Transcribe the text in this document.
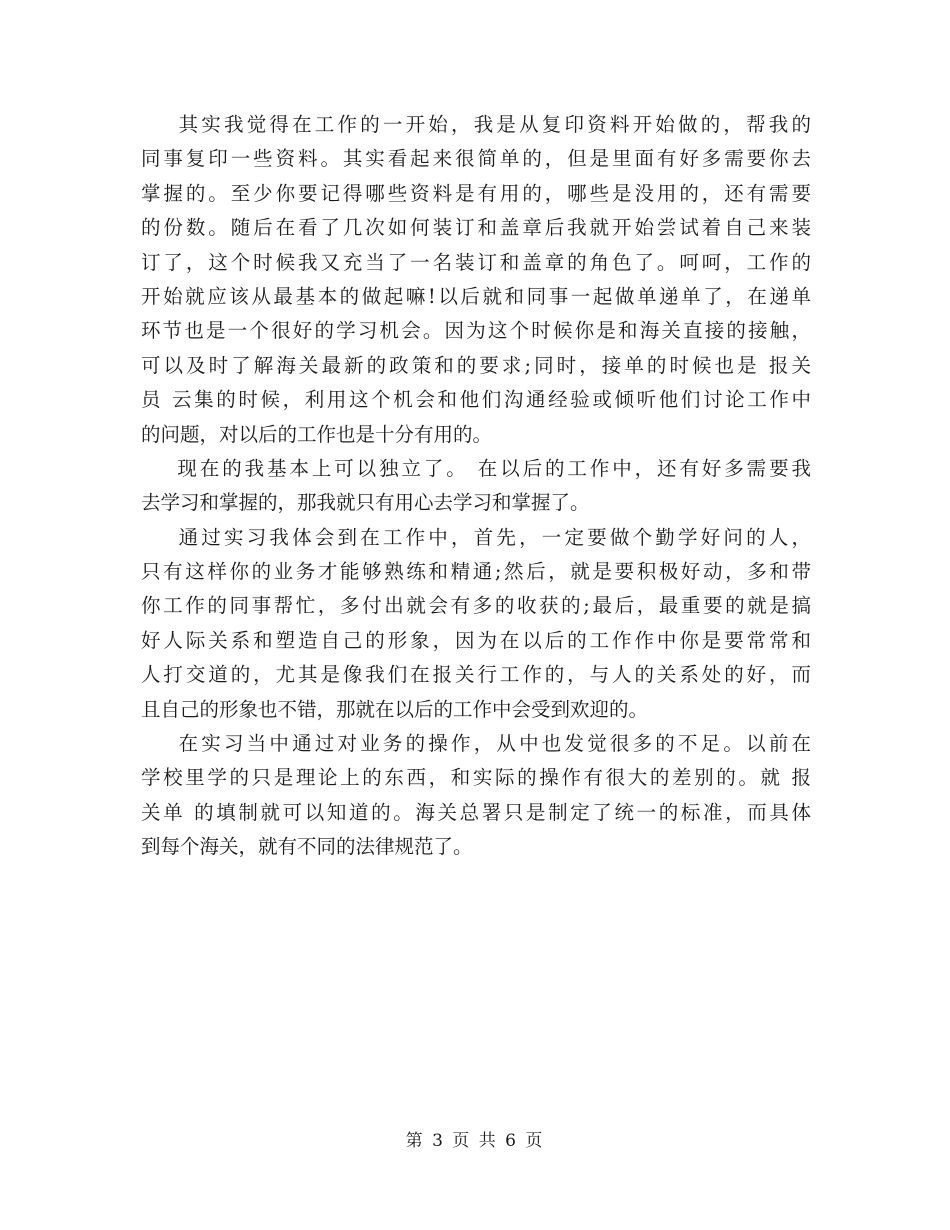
其实我觉得在工作的一开始，我是从复印资料开始做的，帮我的
同事复印一些资料。其实看起来很简单的，但是里面有好多需要你去
掌握的。至少你要记得哪些资料是有用的，哪些是没用的，还有需要
的份数。随后在看了几次如何装订和盖章后我就开始尝试着自己来装
订了，这个时候我又充当了一名装订和盖章的角色了。呵呵，工作的
开始就应该从最基本的做起嘛!以后就和同事一起做单递单了，在递单
环节也是一个很好的学习机会。因为这个时候你是和海关直接的接触，
可以及时了解海关最新的政策和的要求;同时，接单的时候也是 报关
员 云集的时候，利用这个机会和他们沟通经验或倾听他们讨论工作中
的问题，对以后的工作也是十分有用的。
现在的我基本上可以独立了。 在以后的工作中，还有好多需要我
去学习和掌握的，那我就只有用心去学习和掌握了。
通过实习我体会到在工作中，首先，一定要做个勤学好问的人，
只有这样你的业务才能够熟练和精通;然后，就是要积极好动，多和带
你工作的同事帮忙，多付出就会有多的收获的;最后，最重要的就是搞
好人际关系和塑造自己的形象，因为在以后的工作作中你是要常常和
人打交道的，尤其是像我们在报关行工作的，与人的关系处的好，而
且自己的形象也不错，那就在以后的工作中会受到欢迎的。
在实习当中通过对业务的操作，从中也发觉很多的不足。以前在
学校里学的只是理论上的东西，和实际的操作有很大的差别的。就 报
关单 的填制就可以知道的。海关总署只是制定了统一的标准，而具体
到每个海关，就有不同的法律规范了。
第 3 页 共 6 页
